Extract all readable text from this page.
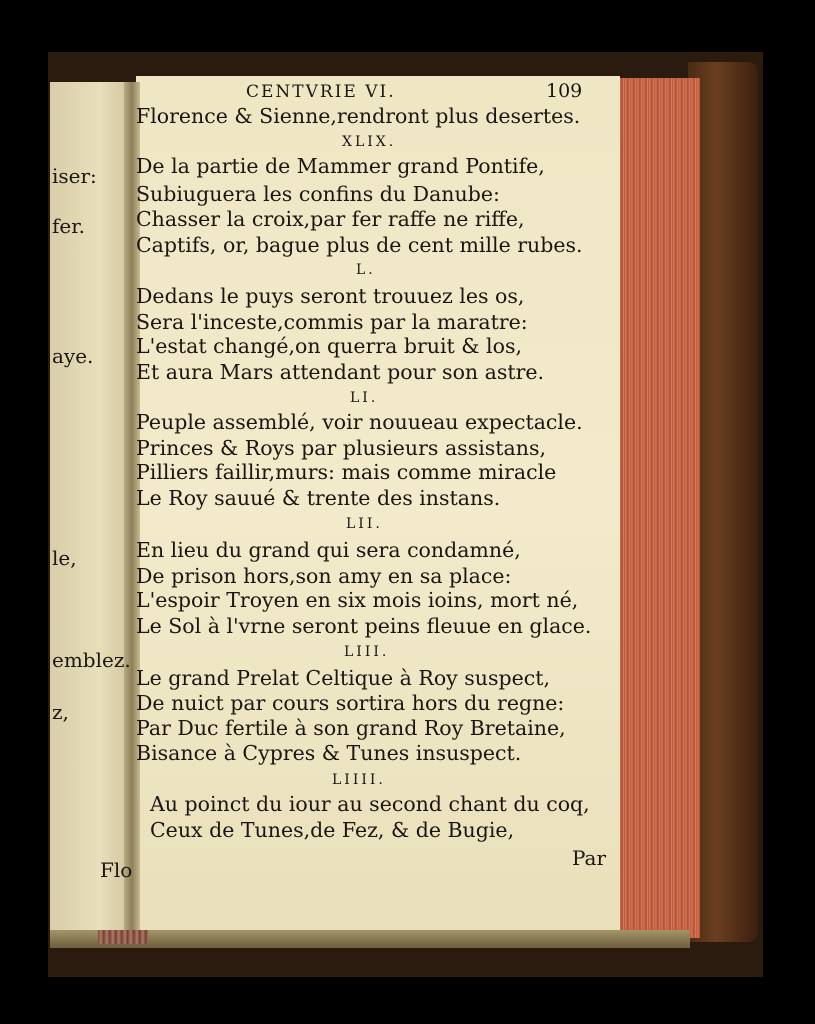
iser:
fer.
aye.
le,
emblez.
z,
Flo
CENTVRIE VI.	109
Florence & Sienne,rendront plus desertes.
XLIX.
De la partie de Mammer grand Pontife,
Subiuguera les confins du Danube:
Chasser la croix,par fer raffe ne riffe,
Captifs, or, bague plus de cent mille rubes.
L.
Dedans le puys seront trouuez les os,
Sera l'inceste,commis par la maratre:
L'estat changé,on querra bruit & los,
Et aura Mars attendant pour son astre.
LI.
Peuple assemblé, voir nouueau expectacle.
Princes & Roys par plusieurs assistans,
Pilliers faillir,murs: mais comme miracle
Le Roy sauué & trente des instans.
LII.
En lieu du grand qui sera condamné,
De prison hors,son amy en sa place:
L'espoir Troyen en six mois ioins, mort né,
Le Sol à l'vrne seront peins fleuue en glace.
LIII.
Le grand Prelat Celtique à Roy suspect,
De nuict par cours sortira hors du regne:
Par Duc fertile à son grand Roy Bretaine,
Bisance à Cypres & Tunes insuspect.
LIIII.
Au poinct du iour au second chant du coq,
Ceux de Tunes,de Fez, & de Bugie,
Par
